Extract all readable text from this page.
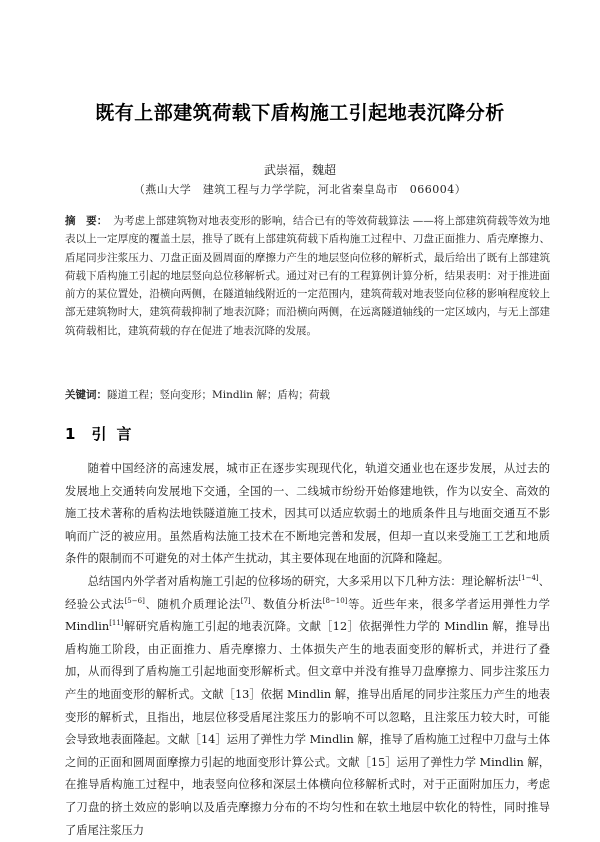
既有上部建筑荷载下盾构施工引起地表沉降分析
武崇福，魏超
（燕山大学　建筑工程与力学学院，河北省秦皇岛市　066004）
摘　要： 为考虑上部建筑物对地表变形的影响，结合已有的等效荷载算法 ——将上部建筑荷载等效为地表以上一定厚度的覆盖土层，推导了既有上部建筑荷载下盾构施工过程中、刀盘正面推力、盾壳摩擦力、盾尾同步注浆压力、刀盘正面及圆周面的摩擦力产生的地层竖向位移的解析式，最后给出了既有上部建筑荷载下盾构施工引起的地层竖向总位移解析式。通过对已有的工程算例计算分析，结果表明：对于推进面前方的某位置处，沿横向两侧，在隧道轴线附近的一定范围内，建筑荷载对地表竖向位移的影响程度较上部无建筑物时大，建筑荷载抑制了地表沉降；而沿横向两侧，在远离隧道轴线的一定区域内，与无上部建筑荷载相比，建筑荷载的存在促进了地表沉降的发展。
关键词：隧道工程；竖向变形；Mindlin 解；盾构；荷载
1 引言

随着中国经济的高速发展，城市正在逐步实现现代化，轨道交通业也在逐步发展，从过去的发展地上交通转向发展地下交通，全国的一、二线城市纷纷开始修建地铁，作为以安全、高效的施工技术著称的盾构法地铁隧道施工技术，因其可以适应软弱土的地质条件且与地面交通互不影响而广泛的被应用。虽然盾构法施工技术在不断地完善和发展，但却一直以来受施工工艺和地质条件的限制而不可避免的对土体产生扰动，其主要体现在地面的沉降和隆起。

总结国内外学者对盾构施工引起的位移场的研究，大多采用以下几种方法：理论解析法[1−4]、经验公式法[5−6]、随机介质理论法[7]、数值分析法[8−10]等。近些年来，很多学者运用弹性力学 Mindlin[11]解研究盾构施工引起的地表沉降。文献［12］依据弹性力学的 Mindlin 解，推导出盾构施工阶段，由正面推力、盾壳摩擦力、土体损失产生的地表面变形的解析式，并进行了叠加，从而得到了盾构施工引起地面变形解析式。但文章中并没有推导刀盘摩擦力、同步注浆压力产生的地面变形的解析式。文献［13］依据 Mindlin 解，推导出盾尾的同步注浆压力产生的地表变形的解析式，且指出，地层位移受盾尾注浆压力的影响不可以忽略，且注浆压力较大时，可能会导致地表面隆起。文献［14］运用了弹性力学 Mindlin 解，推导了盾构施工过程中刀盘与土体之间的正面和圆周面摩擦力引起的地面变形计算公式。文献［15］运用了弹性力学 Mindlin 解，在推导盾构施工过程中，地表竖向位移和深层土体横向位移解析式时，对于正面附加压力，考虑了刀盘的挤土效应的影响以及盾壳摩擦力分布的不均匀性和在软土地层中软化的特性，同时推导了盾尾注浆压力
